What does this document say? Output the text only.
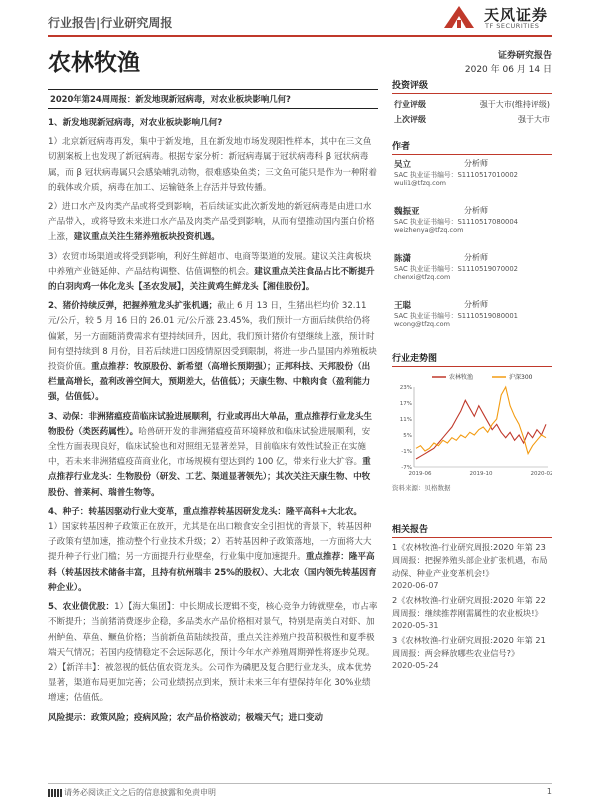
行业报告|行业研究周报	天风证券
TF SECURITIES
农林牧渔	证券研究报告
2020 年 06 月 14 日
2020年第24周周报：新发地现新冠病毒，对农业板块影响几何?

1、新发地现新冠病毒，对农业板块影响几何?

1）北京新冠病毒再发，集中于新发地，且在新发地市场发现阳性样本，其中在三文鱼切割案板上也发现了新冠病毒。根据专家分析：新冠病毒属于冠状病毒科 β 冠状病毒属，而 β 冠状病毒属只会感染哺乳动物，很难感染鱼类；三文鱼可能只是作为一种附着的载体或介质，病毒在加工、运输链条上存活并导致传播。

2）进口水产及肉类产品或将受到影响，若后续证实此次新发地的新冠病毒是由进口水产品带入，或将导致未来进口水产品及肉类产品受到影响，从而有望推动国内蛋白价格上涨，建议重点关注生猪养殖板块投资机遇。

3）农贸市场渠道或将受到影响，利好生鲜超市、电商等渠道的发展。建议关注禽板块中养殖产业链延伸、产品结构调整、估值调整的机会。建议重点关注食品占比不断提升的白羽肉鸡一体化龙头【圣农发展】，关注黄鸡生鲜龙头【湘佳股份】。

2、猪价持续反弹，把握养殖龙头扩张机遇；截止 6 月 13 日，生猪出栏均价 32.11 元/公斤，较 5 月 16 日的 26.01 元/公斤涨 23.45%，我们预计一方面后续供给仍将偏紧，另一方面随消费需求有望持续回升，因此，我们预计猪价有望继续上涨，预计时间有望持续到 8 月份，目若后续进口因疫情原因受到限制，将进一步凸显国内养殖板块投资价值。重点推荐：牧原股份、新希望（高増长预期强）；正邦科技、天邦股份（出栏量高増长，盈利改善空间大，预期差大，估值低）；天康生物、中粮肉食（盈利能力强，估值低）。

3、动保：非洲猪瘟疫苗临床试验进展顺利，行业或再出大单品，重点推荐行业龙头生物股份（类医药属性）。哈兽研开发的非洲猪瘟疫苗环境释放和临床试验进展顺利，安全性方面表现良好，临床试验也和对照组无显著差异，目前临床有效性试验正在实施中，若未来非洲猪瘟疫苗商业化，市场规模有望达到约 100 亿，带来行业大扩容。重点推荐行业龙头：生物股份（研发、工艺、渠道显著领先）；其次关注天康生物、中牧股份、普莱柯、瑞普生物等。

4、种子：转基因驱动行业大变革，重点推荐转基因研发龙头：隆平高科+大北农。
1）国家转基因种子政策正在放开，尤其是在出口粮食安全引担忧的背景下，转基因种子政策有望加速，推动整个行业技术升级；2）若转基因种子政策落地，一方面将大大提升种子行业门槛；另一方面提升行业壁垒，行业集中度加速提升。重点推荐：隆平高科（转基因技术储备丰富，且持有杭州瑞丰 25%的股权）、大北农（国内领先转基因育种企业）。

5、农业债优股：1）【海大集团】：中长期成长逻辑不变，核心竞争力铸就壁垒，市占率不断提升；当前猪消费逐步企稳，多品类水产品价格相对景气，特别是南美白对虾、加州鲈鱼、草鱼、鳜鱼价格；当前新鱼苗陆续投苗，重点关注养殖户投苗积极性和夏季极端天气情况；若国内疫情稳定不会远际恶化，预计今年水产养殖周期弹性将逐步兑现。2）【新洋丰】：被忽视的低估值农资龙头。公司作为磷肥及复合肥行业龙头，成本优势显著，渠道布局更加完善；公司业绩拐点到来，预计未来三年有望保持年化 30%业绩增速；估值低。

风险提示：政策风险；疫病风险；农产品价格波动；极端天气；进口变动

投资评级
行业评级	强于大市(维持评级)
上次评级	强于大市
作者
吴立	分析师
SAC 执业证书编号：S1110517010002
wuli1@tfzq.com
魏振亚	分析师
SAC 执业证书编号：S1110517080004
weizhenya@tfzq.com
陈潇	分析师
SAC 执业证书编号：S1110519070002
chenxi@tfzq.com
王聪	分析师
SAC 执业证书编号：S1110519080001
wcong@tfzq.com
行业走势图
23%
17%
11%
5%
-1%
-7%
2019-06	2019-10	2020-02
农林牧渔	沪深300
资料来源：贝格数据
相关报告
1《农林牧渔-行业研究周报:2020 年第 23 周周报：把握养殖头部企业扩张机遇，布局动保、种业产业变革机会!》
2020-06-07
2《农林牧渔-行业研究周报:2020 年第 22 周周报：继续推荐刚需属性的农业板块!》
2020-05-31
3《农林牧渔-行业研究周报:2020 年第 21 周周报：两会释放哪些农业信号?》
2020-05-24
请务必阅读正文之后的信息披露和免责申明	1
